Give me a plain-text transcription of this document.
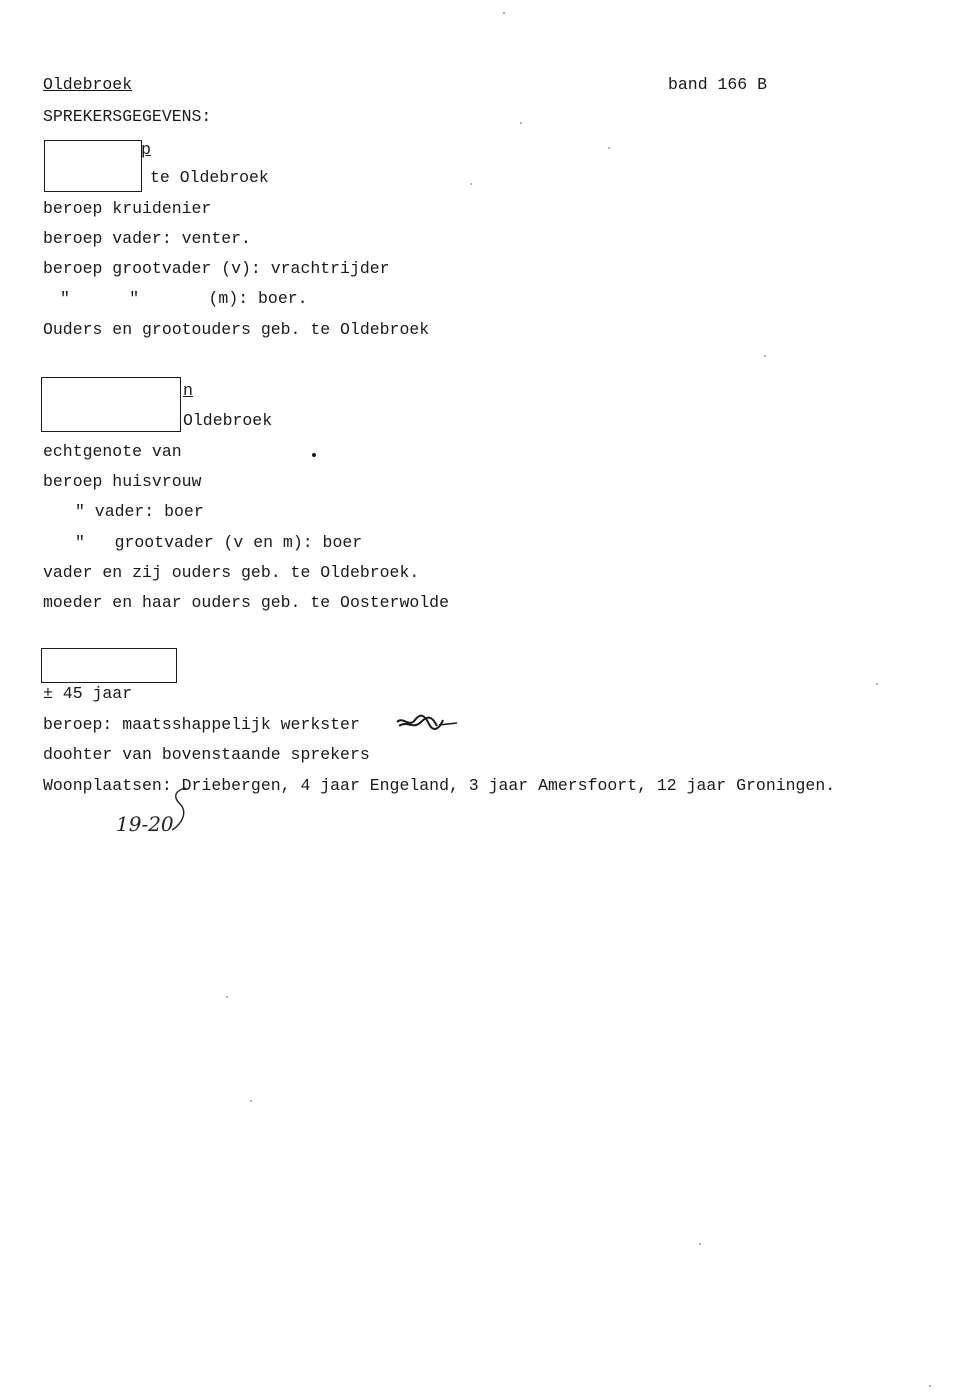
Oldebroek	band 166 B
SPREKERSGEGEVENS:
p
te Oldebroek
beroep kruidenier
beroep vader: venter.
beroep grootvader (v): vrachtrijder
"      "       (m): boer.
Ouders en grootouders geb. te Oldebroek
n
Oldebroek
echtgenote van
beroep huisvrouw
" vader: boer
"   grootvader (v en m): boer
vader en zij ouders geb. te Oldebroek.
moeder en haar ouders geb. te Oosterwolde
± 45 jaar
beroep: maatsshappelijk werkster
doohter van bovenstaande sprekers
Woonplaatsen: Driebergen, 4 jaar Engeland, 3 jaar Amersfoort, 12 jaar Groningen.
19-20
